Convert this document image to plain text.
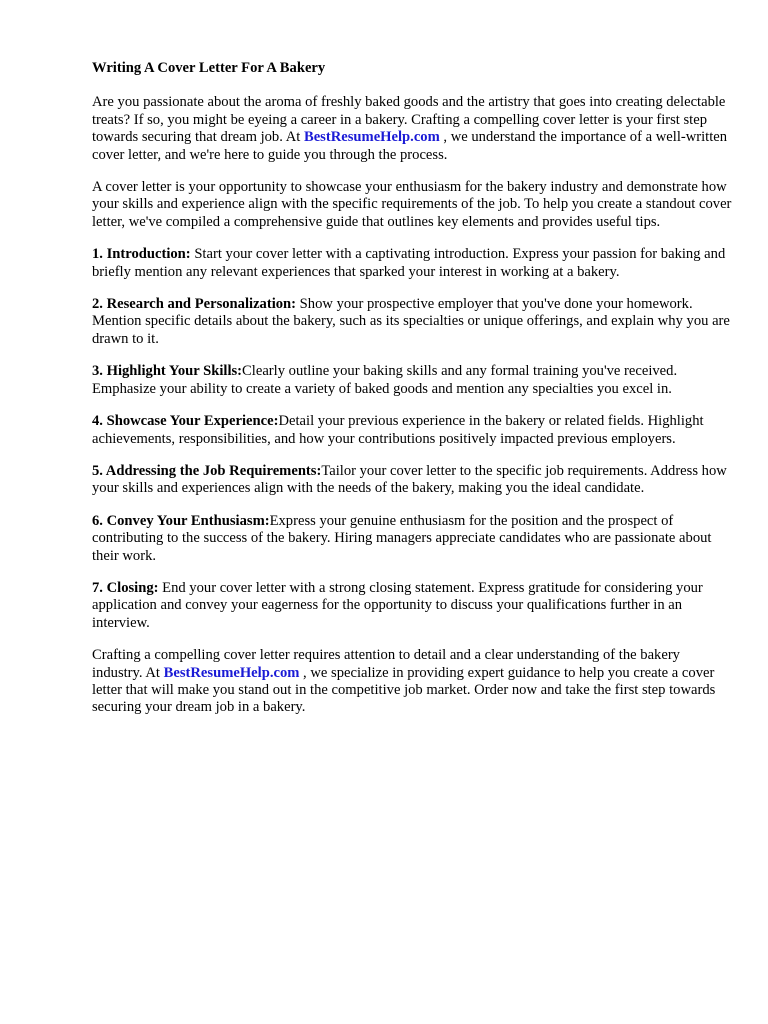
Writing A Cover Letter For A Bakery

Are you passionate about the aroma of freshly baked goods and the artistry that goes into creating delectable treats? If so, you might be eyeing a career in a bakery. Crafting a compelling cover letter is your first step towards securing that dream job. At BestResumeHelp.com , we understand the importance of a well-written cover letter, and we're here to guide you through the process.

A cover letter is your opportunity to showcase your enthusiasm for the bakery industry and demonstrate how your skills and experience align with the specific requirements of the job. To help you create a standout cover letter, we've compiled a comprehensive guide that outlines key elements and provides useful tips.

1. Introduction: Start your cover letter with a captivating introduction. Express your passion for baking and briefly mention any relevant experiences that sparked your interest in working at a bakery.

2. Research and Personalization: Show your prospective employer that you've done your homework. Mention specific details about the bakery, such as its specialties or unique offerings, and explain why you are drawn to it.

3. Highlight Your Skills:Clearly outline your baking skills and any formal training you've received. Emphasize your ability to create a variety of baked goods and mention any specialties you excel in.

4. Showcase Your Experience:Detail your previous experience in the bakery or related fields. Highlight achievements, responsibilities, and how your contributions positively impacted previous employers.

5. Addressing the Job Requirements:Tailor your cover letter to the specific job requirements. Address how your skills and experiences align with the needs of the bakery, making you the ideal candidate.

6. Convey Your Enthusiasm:Express your genuine enthusiasm for the position and the prospect of contributing to the success of the bakery. Hiring managers appreciate candidates who are passionate about their work.

7. Closing: End your cover letter with a strong closing statement. Express gratitude for considering your application and convey your eagerness for the opportunity to discuss your qualifications further in an interview.

Crafting a compelling cover letter requires attention to detail and a clear understanding of the bakery industry. At BestResumeHelp.com , we specialize in providing expert guidance to help you create a cover letter that will make you stand out in the competitive job market. Order now and take the first step towards securing your dream job in a bakery.
